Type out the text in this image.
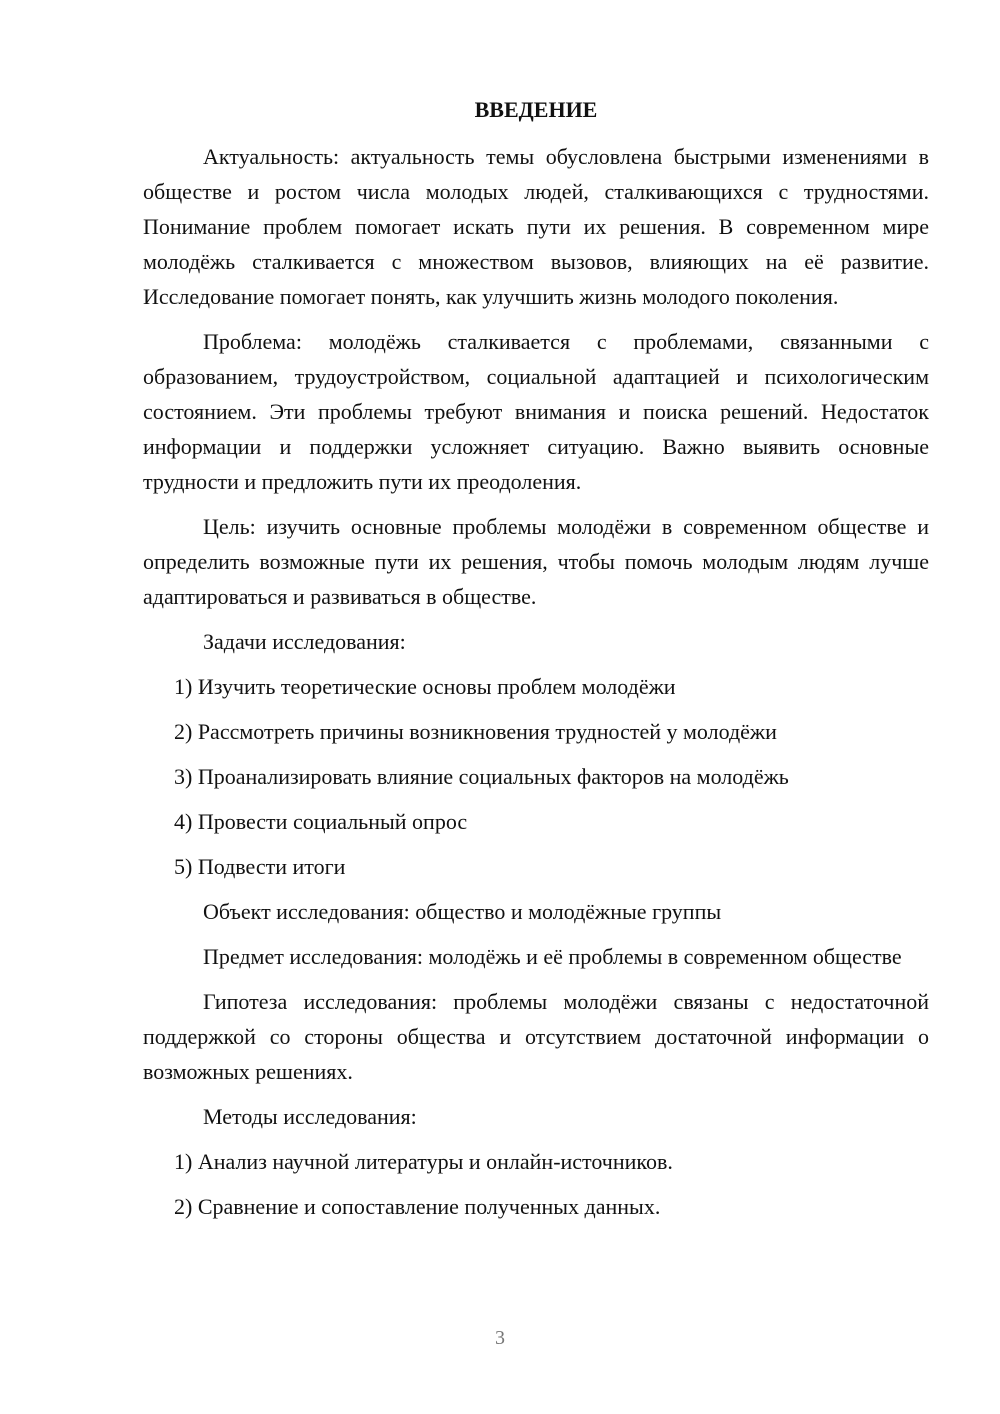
ВВЕДЕНИЕ

Актуальность: актуальность темы обусловлена быстрыми изменениями в обществе и ростом числа молодых людей, сталкивающихся с трудностями. Понимание проблем помогает искать пути их решения. В современном мире молодёжь сталкивается с множеством вызовов, влияющих на её развитие. Исследование помогает понять, как улучшить жизнь молодого поколения.

Проблема: молодёжь сталкивается с проблемами, связанными с образованием, трудоустройством, социальной адаптацией и психологическим состоянием. Эти проблемы требуют внимания и поиска решений. Недостаток информации и поддержки усложняет ситуацию. Важно выявить основные трудности и предложить пути их преодоления.

Цель: изучить основные проблемы молодёжи в современном обществе и определить возможные пути их решения, чтобы помочь молодым людям лучше адаптироваться и развиваться в обществе.

Задачи исследования:
1) Изучить теоретические основы проблем молодёжи
2) Рассмотреть причины возникновения трудностей у молодёжи
3) Проанализировать влияние социальных факторов на молодёжь
4) Провести социальный опрос
5) Подвести итоги

Объект исследования: общество и молодёжные группы

Предмет исследования: молодёжь и её проблемы в современном обществе

Гипотеза исследования: проблемы молодёжи связаны с недостаточной поддержкой со стороны общества и отсутствием достаточной информации о возможных решениях.

Методы исследования:
1) Анализ научной литературы и онлайн-источников.
2) Сравнение и сопоставление полученных данных.
3
